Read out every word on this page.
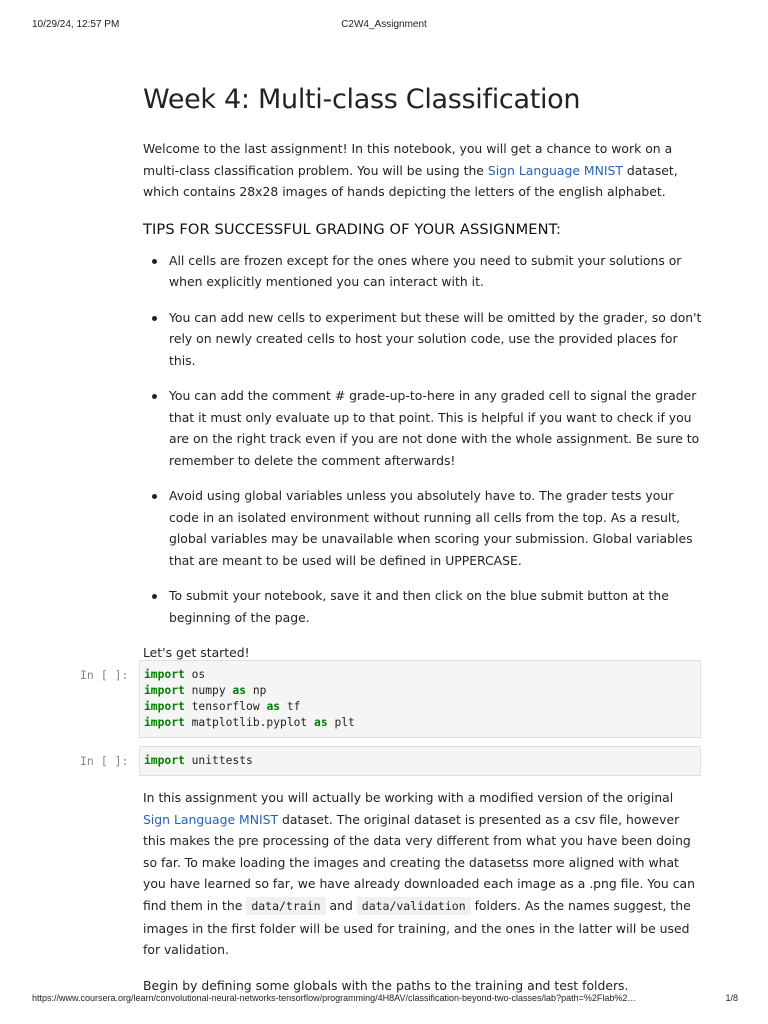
10/29/24, 12:57 PM	C2W4_Assignment
Week 4: Multi-class Classification

Welcome to the last assignment! In this notebook, you will get a chance to work on a multi-class classification problem. You will be using the Sign Language MNIST dataset, which contains 28x28 images of hands depicting the letters of the english alphabet.

TIPS FOR SUCCESSFUL GRADING OF YOUR ASSIGNMENT:
All cells are frozen except for the ones where you need to submit your solutions or when explicitly mentioned you can interact with it.
You can add new cells to experiment but these will be omitted by the grader, so don't rely on newly created cells to host your solution code, use the provided places for this.
You can add the comment # grade-up-to-here in any graded cell to signal the grader that it must only evaluate up to that point. This is helpful if you want to check if you are on the right track even if you are not done with the whole assignment. Be sure to remember to delete the comment afterwards!
Avoid using global variables unless you absolutely have to. The grader tests your code in an isolated environment without running all cells from the top. As a result, global variables may be unavailable when scoring your submission. Global variables that are meant to be used will be defined in UPPERCASE.
To submit your notebook, save it and then click on the blue submit button at the beginning of the page.

Let's get started!

In [ ]:	import os
import numpy as np
import tensorflow as tf
import matplotlib.pyplot as plt
In [ ]:	import unittests

In this assignment you will actually be working with a modified version of the original Sign Language MNIST dataset. The original dataset is presented as a csv file, however this makes the pre processing of the data very different from what you have been doing so far. To make loading the images and creating the datasetss more aligned with what you have learned so far, we have already downloaded each image as a .png file. You can find them in the data/train and data/validation folders. As the names suggest, the images in the first folder will be used for training, and the ones in the latter will be used for validation.

Begin by defining some globals with the paths to the training and test folders.

https://www.coursera.org/learn/convolutional-neural-networks-tensorflow/programming/4H8AV/classification-beyond-two-classes/lab?path=%2Flab%2…	1/8
